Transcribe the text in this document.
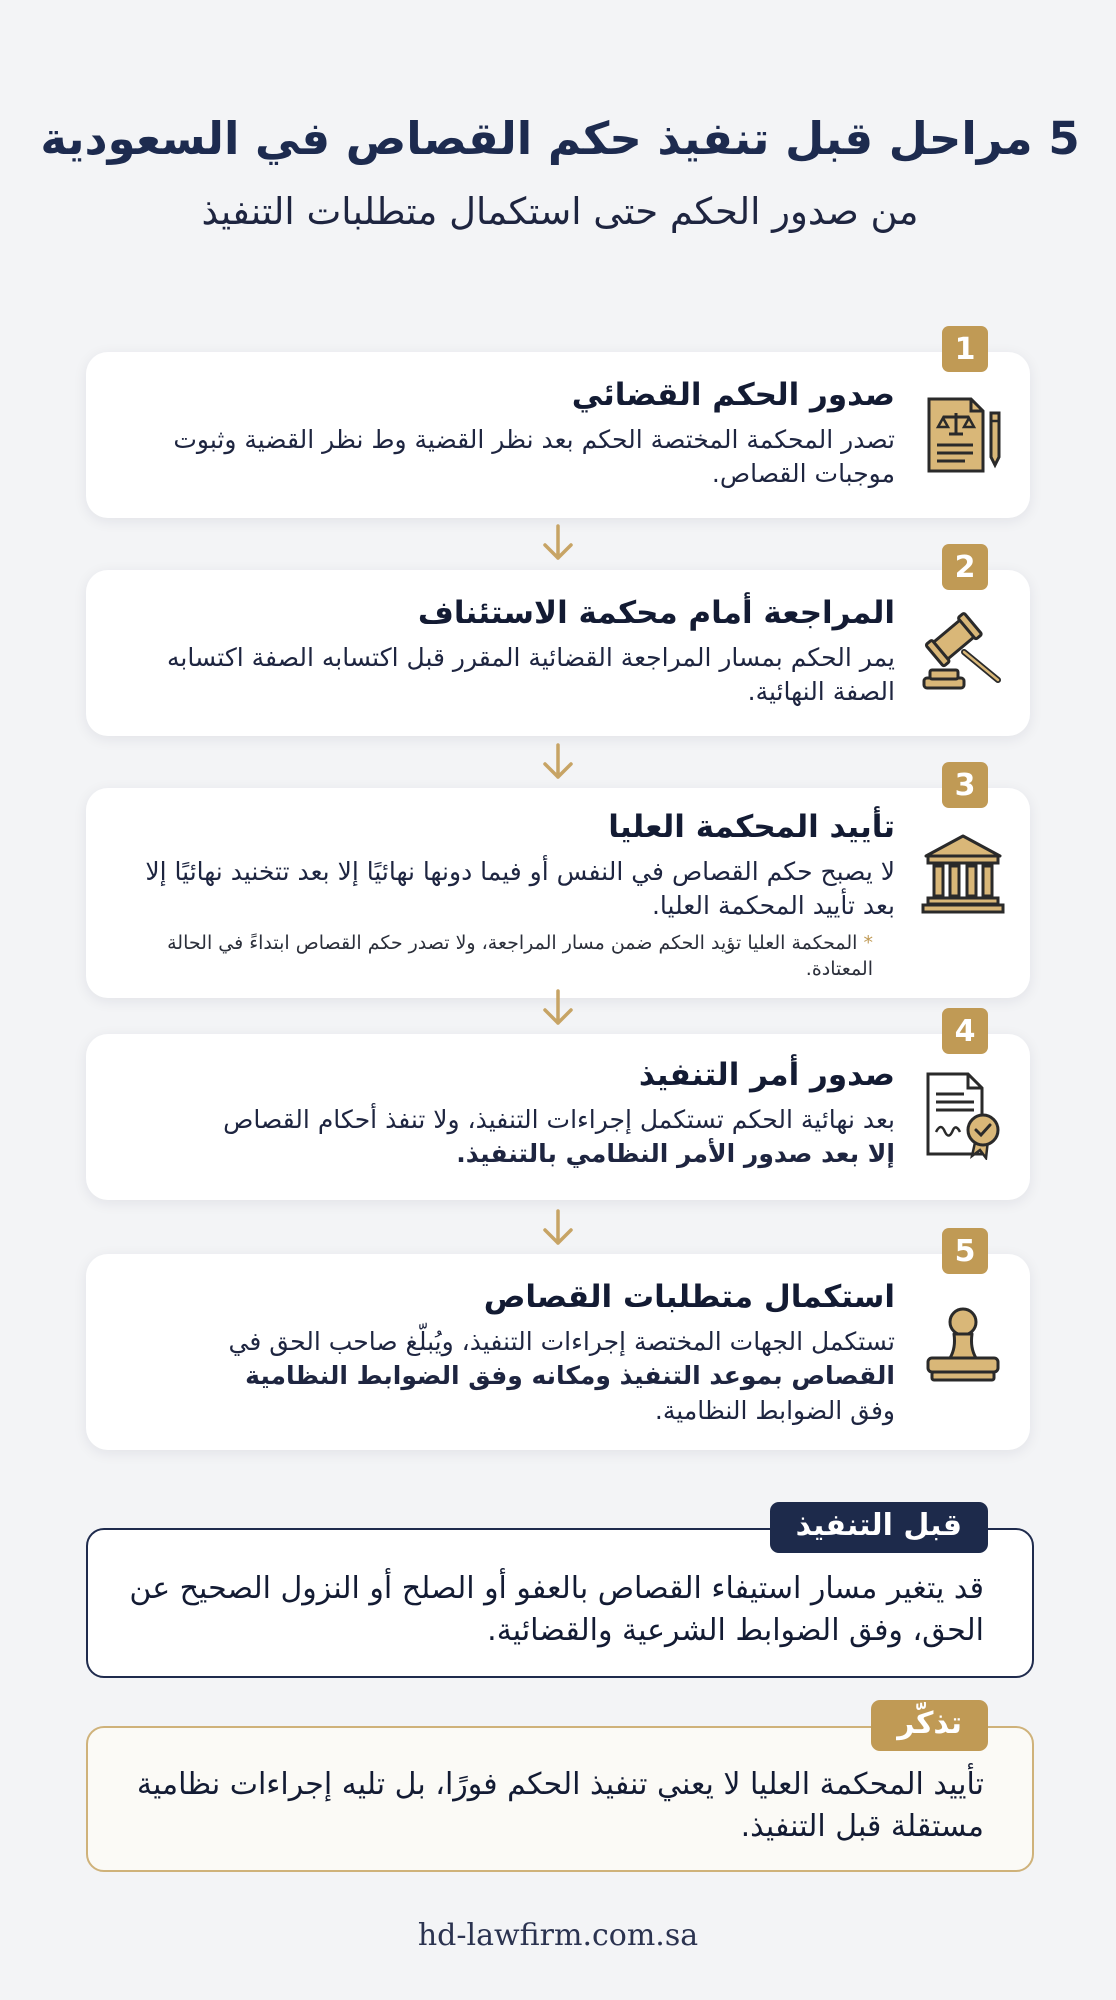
5 مراحل قبل تنفيذ حكم القصاص في السعودية
من صدور الحكم حتى استكمال متطلبات التنفيذ
1
صدور الحكم القضائي

تصدر المحكمة المختصة الحكم بعد نظر القضية وط نظر القضية وثبوت موجبات القصاص.

2
المراجعة أمام محكمة الاستئناف

يمر الحكم بمسار المراجعة القضائية المقرر قبل اكتسابه الصفة اكتسابه الصفة النهائية.

3
تأييد المحكمة العليا

لا يصبح حكم القصاص في النفس أو فيما دونها نهائيًا إلا بعد تتخنيد نهائيًا إلا بعد تأييد المحكمة العليا.

* المحكمة العليا تؤيد الحكم ضمن مسار المراجعة، ولا تصدر حكم القصاص ابتداءً في الحالة المعتادة.

4
صدور أمر التنفيذ

بعد نهائية الحكم تستكمل إجراءات التنفيذ، ولا تنفذ أحكام القصاص
إلا بعد صدور الأمر النظامي بالتنفيذ.

5
استكمال متطلبات القصاص

تستكمل الجهات المختصة إجراءات التنفيذ، ويُبلّغ صاحب الحق في
القصاص بموعد التنفيذ ومكانه وفق الضوابط النظامية
وفق الضوابط النظامية.

قبل التنفيذ
قد يتغير مسار استيفاء القصاص بالعفو أو الصلح أو النزول الصحيح عن الحق، وفق الضوابط الشرعية والقضائية.
تذكّر
تأييد المحكمة العليا لا يعني تنفيذ الحكم فورًا، بل تليه إجراءات نظامية مستقلة قبل التنفيذ.
hd-lawfirm.com.sa
